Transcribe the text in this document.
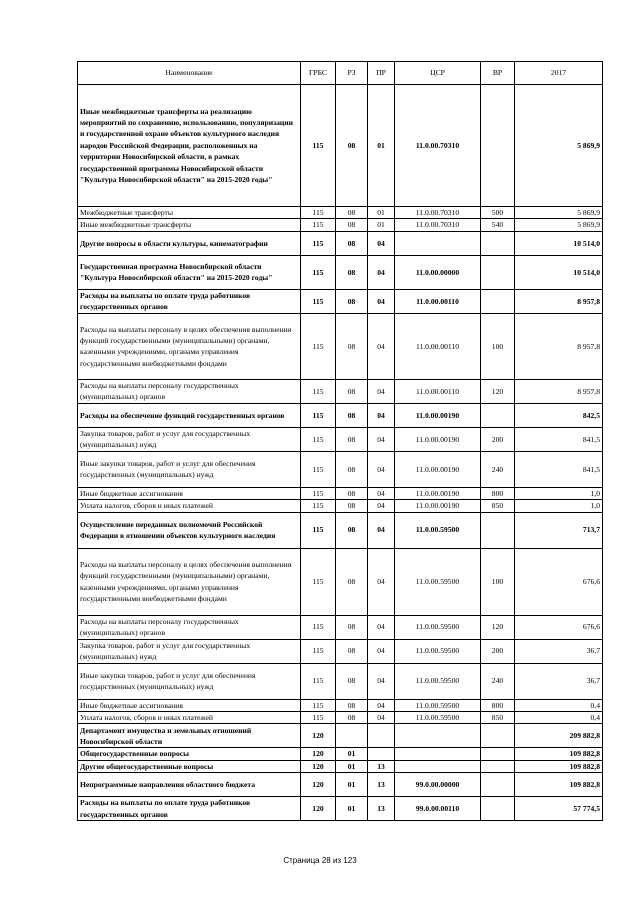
Наименование	ГРБС	РЗ	ПР	ЦСР	ВР	2017
Иные межбюджетные трансферты на реализацию мероприятий по сохранению, использованию, популяризации и государственной охране объектов культурного наследия народов Российской Федерации, расположенных на территории Новосибирской области, в рамках государственной программы Новосибирской области "Культура Новосибирской области" на 2015-2020 годы"	115	08	01	11.0.00.70310		5 869,9
Межбюджетные трансферты	115	08	01	11.0.00.70310	500	5 869,9
Иные межбюджетные трансферты	115	08	01	11.0.00.70310	540	5 869,9
Другие вопросы в области культуры, кинематографии	115	08	04			10 514,0
Государственная программа Новосибирской области "Культура Новосибирской области" на 2015-2020 годы"	115	08	04	11.0.00.00000		10 514,0
Расходы на выплаты по оплате труда работников государственных органов	115	08	04	11.0.00.00110		8 957,8
Расходы на выплаты персоналу в целях обеспечения выполнения функций государственными (муниципальными) органами, казенными учреждениями, органами управления государственными внебюджетными фондами	115	08	04	11.0.00.00110	100	8 957,8
Расходы на выплаты персоналу государственных (муниципальных) органов	115	08	04	11.0.00.00110	120	8 957,8
Расходы на обеспечение функций государственных органов	115	08	04	11.0.00.00190		842,5
Закупка товаров, работ и услуг для государственных (муниципальных) нужд	115	08	04	11.0.00.00190	200	841,5
Иные закупки товаров, работ и услуг для обеспечения государственных (муниципальных) нужд	115	08	04	11.0.00.00190	240	841,5
Иные бюджетные ассигнования	115	08	04	11.0.00.00190	800	1,0
Уплата налогов, сборов и иных платежей	115	08	04	11.0.00.00190	850	1,0
Осуществление переданных полномочий Российской Федерации в отношении объектов культурного наследия	115	08	04	11.0.00.59500		713,7
Расходы на выплаты персоналу в целях обеспечения выполнения функций государственными (муниципальными) органами, казенными учреждениями, органами управления государственными внебюджетными фондами	115	08	04	11.0.00.59500	100	676,6
Расходы на выплаты персоналу государственных (муниципальных) органов	115	08	04	11.0.00.59500	120	676,6
Закупка товаров, работ и услуг для государственных (муниципальных) нужд	115	08	04	11.0.00.59500	200	36,7
Иные закупки товаров, работ и услуг для обеспечения государственных (муниципальных) нужд	115	08	04	11.0.00.59500	240	36,7
Иные бюджетные ассигнования	115	08	04	11.0.00.59500	800	0,4
Уплата налогов, сборов и иных платежей	115	08	04	11.0.00.59500	850	0,4
Департамент имущества и земельных отношений Новосибирской области	120					209 882,8
Общегосударственные вопросы	120	01				109 882,8
Другие общегосударственные вопросы	120	01	13			109 882,8
Непрограммные направления областного бюджета	120	01	13	99.0.00.00000		109 882,8
Расходы на выплаты по оплате труда работников государственных органов	120	01	13	99.0.00.00110		57 774,5
Страница 28 из 123
